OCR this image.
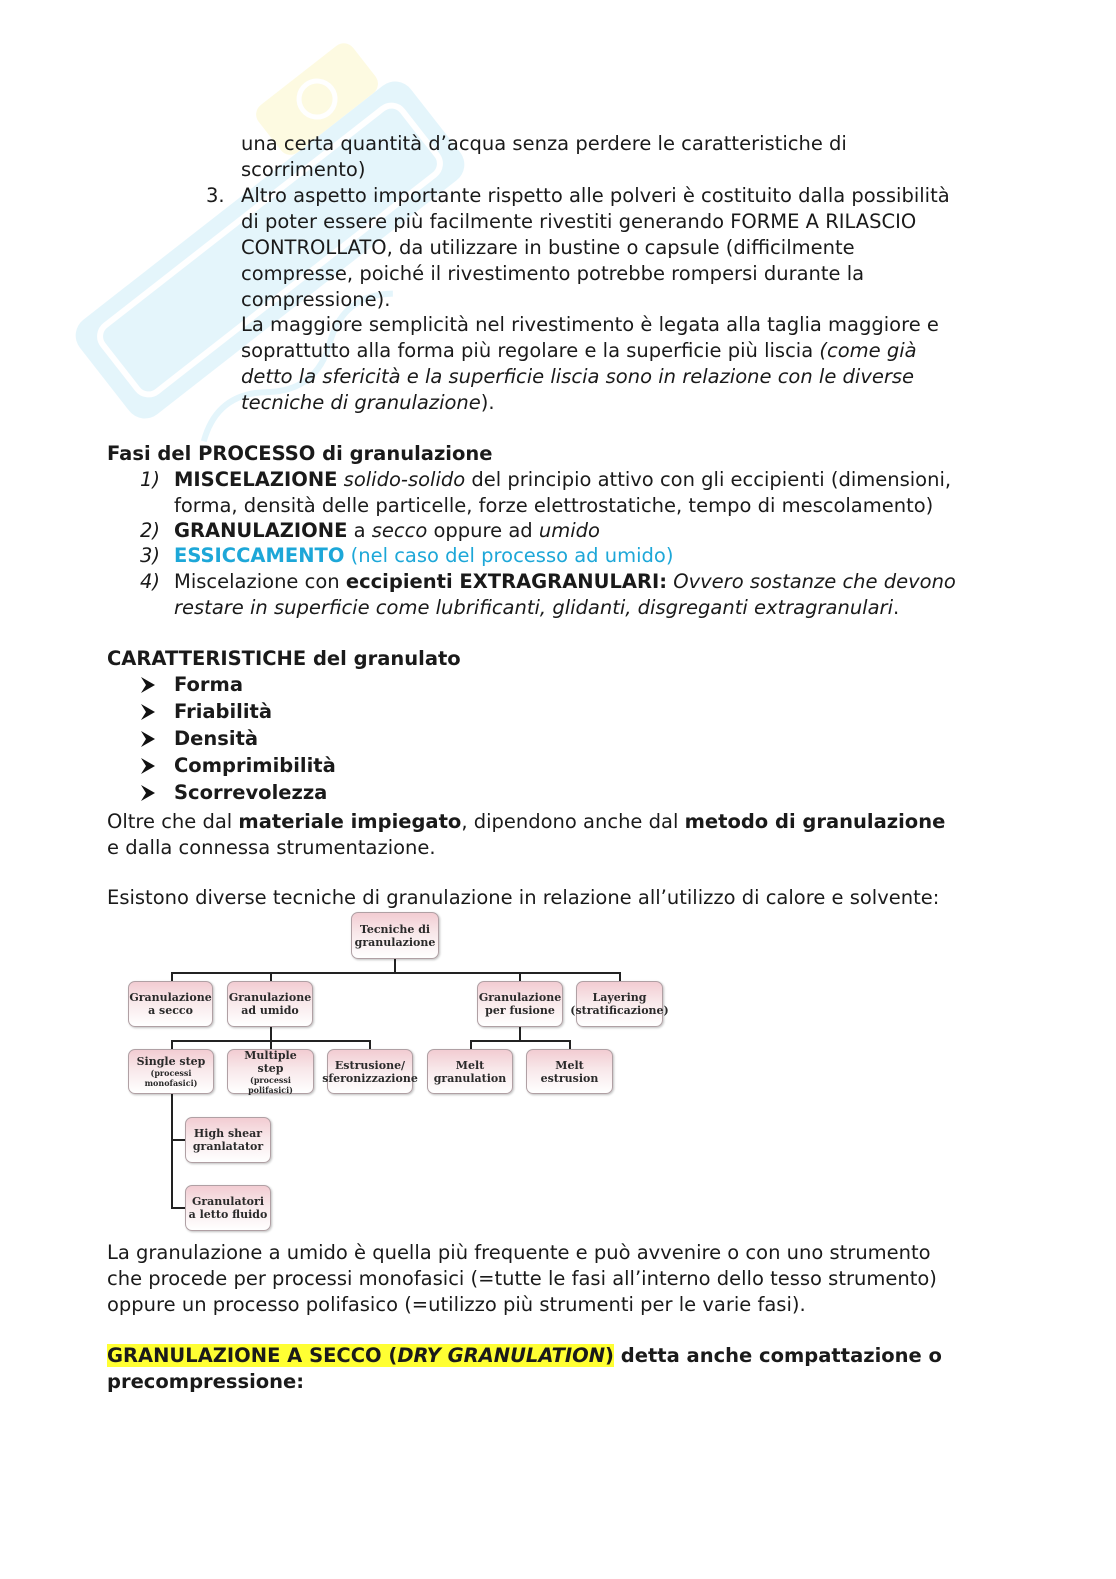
una certa quantità d’acqua senza perdere le caratteristiche di
scorrimento)
3. Altro aspetto importante rispetto alle polveri è costituito dalla possibilità
di poter essere più facilmente rivestiti generando FORME A RILASCIO
CONTROLLATO, da utilizzare in bustine o capsule (difficilmente
compresse, poiché il rivestimento potrebbe rompersi durante la
compressione).
La maggiore semplicità nel rivestimento è legata alla taglia maggiore e
soprattutto alla forma più regolare e la superficie più liscia (come già
detto la sfericità e la superficie liscia sono in relazione con le diverse
tecniche di granulazione).
Fasi del PROCESSO di granulazione
1) MISCELAZIONE solido-solido del principio attivo con gli eccipienti (dimensioni,
forma, densità delle particelle, forze elettrostatiche, tempo di mescolamento)
2) GRANULAZIONE a secco oppure ad umido
3) ESSICCAMENTO (nel caso del processo ad umido)
4) Miscelazione con eccipienti EXTRAGRANULARI: Ovvero sostanze che devono
restare in superficie come lubrificanti, glidanti, disgreganti extragranulari.
CARATTERISTICHE del granulato
Forma
Friabilità
Densità
Comprimibilità
Scorrevolezza
Oltre che dal materiale impiegato, dipendono anche dal metodo di granulazione
e dalla connessa strumentazione.
Esistono diverse tecniche di granulazione in relazione all’utilizzo di calore e solvente:
Tecniche di granulazione
Granulazione a secco
Granulazione ad umido
Granulazione per fusione
Layering (stratificazione)
Single step
(processi monofasici)
Multiple step
(processi polifasici)
Estrusione/ sferonizzazione
Melt granulation
Melt estrusion
High shear granlatator
Granulatori a letto fluido
La granulazione a umido è quella più frequente e può avvenire o con uno strumento
che procede per processi monofasici (=tutte le fasi all’interno dello tesso strumento)
oppure un processo polifasico (=utilizzo più strumenti per le varie fasi).
GRANULAZIONE A SECCO (DRY GRANULATION) detta anche compattazione o
precompressione:
